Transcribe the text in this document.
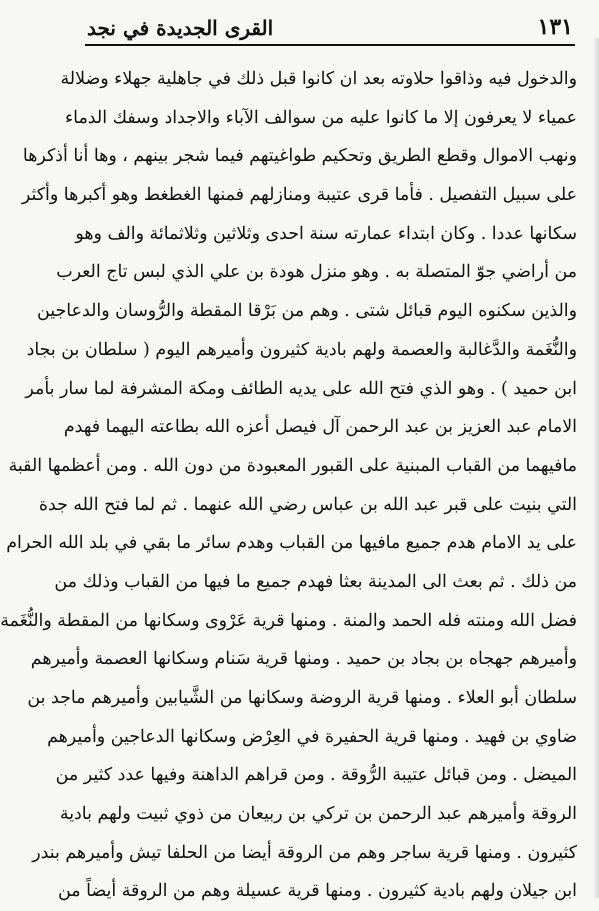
١٣١
القرى الجديدة في نجد
والدخول فيه وذاقوا حلاوته بعد ان كانوا قبل ذلك في جاهلية جهلاء وضلالة
عمياء لا يعرفون إلا ما كانوا عليه من سوالف الآباء والاجداد وسفك الدماء
ونهب الاموال وقطع الطريق وتحكيم طواغيتهم فيما شجر بينهم ، وها أنا أذكرها
على سبيل التفصيل . فأما قرى عتيبة ومنازلهم فمنها الغطغط وهو أكبرها وأكثر
سكانها عددا . وكان ابتداء عمارته سنة احدى وثلاثين وثلاثمائة والف وهو
من أراضي جوّ المتصلة به . وهو منزل هودة بن علي الذي لبس تاج العرب
والذين سكنوه اليوم قبائل شتى . وهم من بَرْقا المقطة والرُّوسان والدعاجين
والنُّغَمة والدَّغالبة والعصمة ولهم بادية كثيرون وأميرهم اليوم ( سلطان بن بجاد
ابن حميد ) . وهو الذي فتح الله على يديه الطائف ومكة المشرفة لما سار بأمر
الامام عبد العزيز بن عبد الرحمن آل فيصل أعزه الله بطاعته اليهما فهدم
مافيهما من القباب المبنية على القبور المعبودة من دون الله . ومن أعظمها القبة
التي بنيت على قبر عبد الله بن عباس رضي الله عنهما . ثم لما فتح الله جدة
على يد الامام هدم جميع مافيها من القباب وهدم سائر ما بقي في بلد الله الحرام
من ذلك . ثم بعث الى المدينة بعثا فهدم جميع ما فيها من القباب وذلك من
فضل الله ومنته فله الحمد والمنة . ومنها قرية عَرْوى وسكانها من المقطة والنُّغَمة
وأميرهم جهجاه بن بجاد بن حميد . ومنها قرية سَنام وسكانها العصمة وأميرهم
سلطان أبو العلاء . ومنها قرية الروضة وسكانها من الشَّيابين وأميرهم ماجد بن
ضاوي بن فهيد . ومنها قرية الحفيرة في العِرْض وسكانها الدعاجين وأميرهم
الميضل . ومن قبائل عتيبة الرُّوقة . ومن قراهم الداهنة وفيها عدد كثير من
الروقة وأميرهم عبد الرحمن بن تركي بن ربيعان من ذوي ثبيت ولهم بادية
كثيرون . ومنها قرية ساجر وهم من الروقة أيضا من الحلفا تيش وأميرهم بندر
ابن جيلان ولهم بادية كثيرون . ومنها قرية عسيلة وهم من الروقة أيضاً من
